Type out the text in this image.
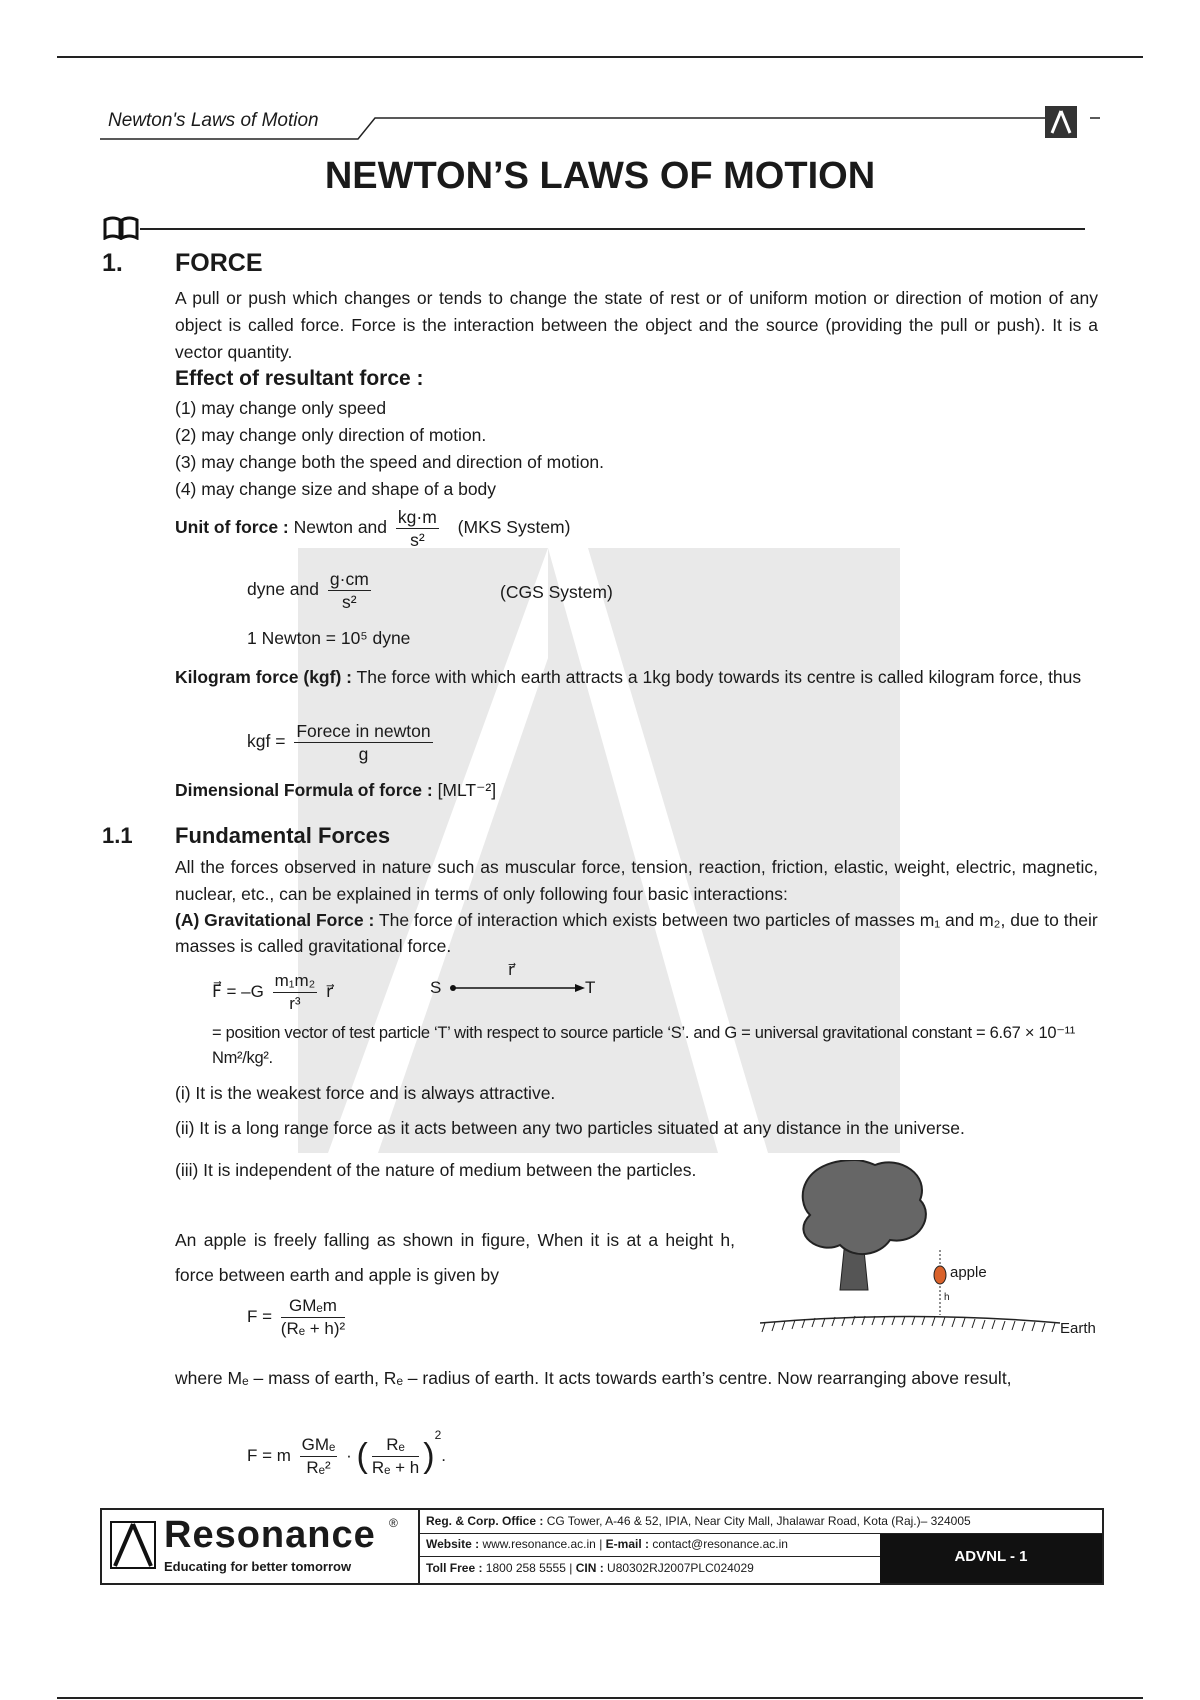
Newton's Laws of Motion
NEWTON’S LAWS OF MOTION
1. FORCE
A pull or push which changes or tends to change the state of rest or of uniform motion or direction of motion of any object is called force. Force is the interaction between the object and the source (providing the pull or push). It is a vector quantity.
Effect of resultant force :
(1) may change only speed
(2) may change only direction of motion.
(3) may change both the speed and direction of motion.
(4) may change size and shape of a body
Unit of force : Newton and $\frac{kg\cdot m}{\text{s²}} (MKS$ System)
dyne and $\frac{g\cdot cm}{\text{s²}}$	(CGS System)
1 Newton = 10⁵ dyne
Kilogram force (kgf) : The force with which earth attracts a 1kg body towards its centre is called kilogram force, thus
kgf = $\frac{\text{Forece in newton}}{g}$
Dimensional Formula of force : [MLT⁻²]
1.1 Fundamental Forces
All the forces observed in nature such as muscular force, tension, reaction, friction, elastic, weight, electric, magnetic, nuclear, etc., can be explained in terms of only following four basic interactions:
(A) Gravitational Force : The force of interaction which exists between two particles of masses m₁ and m₂, due to their masses is called gravitational force.
F⃗ = $-G \frac{\text{m₁m₂}}{\text{r³}}$ r⃗	S
r⃗
T
= position vector of test particle ‘T’ with respect to source particle ‘S’. and G = universal gravitational constant = 6.67 × 10⁻¹¹ Nm²/kg².
(i) It is the weakest force and is always attractive.
(ii) It is a long range force as it acts between any two particles situated at any distance in the universe.
(iii) It is independent of the nature of medium between the particles.
An apple is freely falling as shown in figure, When it is at a height h, force between earth and apple is given by
$F = \frac{\text{GMₑm}}{\text{(Rₑ + h)²}}$
apple
h
Earth
where Mₑ – mass of earth, Rₑ – radius of earth. It acts towards earth’s centre. Now rearranging above result,
F = m $\frac{\text{GMₑ}}{\text{Rₑ²}}$ · ( $\frac{\text{Rₑ}}{\text{Rₑ + h}} )^2$.
Resonance ®
Educating for better tomorrow
Reg. & Corp. Office : CG Tower, A-46 & 52, IPIA, Near City Mall, Jhalawar Road, Kota (Raj.)– 324005
Website : www.resonance.ac.in | E-mail : contact@resonance.ac.in
Toll Free : 1800 258 5555 | CIN : U80302RJ2007PLC024029
ADVNL - 1
